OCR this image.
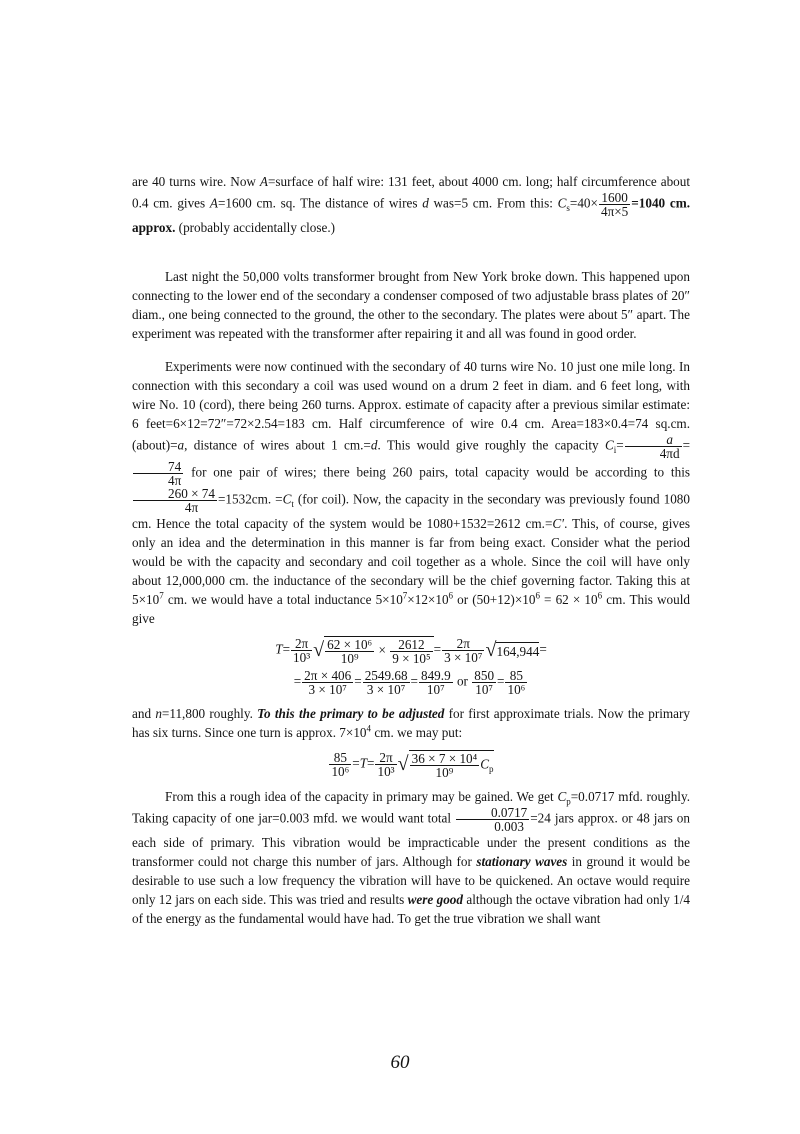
are 40 turns wire. Now A=surface of half wire: 131 feet, about 4000 cm. long; half circumference about 0.4 cm. gives A=1600 cm. sq. The distance of wires d was=5 cm. From this: $C_s=40\times \frac{1600}{4\pi\times 5} =1040$ cm. approx. (probably accidentally close.)

Last night the 50,000 volts transformer brought from New York broke down. This happened upon connecting to the lower end of the secondary a condenser composed of two adjustable brass plates of 20″ diam., one being connected to the ground, the other to the secondary. The plates were about 5″ apart. The experiment was repeated with the transformer after repairing it and all was found in good order.

Experiments were now continued with the secondary of 40 turns wire No. 10 just one mile long. In connection with this secondary a coil was used wound on a drum 2 feet in diam. and 6 feet long, with wire No. 10 (cord), there being 260 turns. Approx. estimate of capacity after a previous similar estimate: 6 feet=6×12=72″=72×2.54=183 cm. Half circumference of wire 0.4 cm. Area=183×0.4=74 sq.cm. (about)=a, distance of wires about 1 cm.=d. This would give roughly the capacity $C_i= \frac{a}{4\pi d}$ =
$\frac{74}{4\pi}$ for one pair of wires; there being 260 pairs, total capacity would be according to this
$\frac{260 \times 74}{4\pi} =1532cm$. $=C_t$ (for coil). Now, the capacity in the secondary was previously found 1080 cm. Hence the total capacity of the system would be 1080+1532=2612 cm.=C′. This, of course, gives only an idea and the determination in this manner is far from being exact. Consider what the period would be with the capacity and secondary and coil together as a whole. Since the coil will have only about 12,000,000 cm. the inductance of the secondary will be the chief governing factor. Taking this at $5\times 10^7$ cm. we would have a total inductance $5\times 10^7\times 12\times 10^6$ or $(50+12)\times 10^6 = 62 \times 10^6$ cm. This would give

$T= \frac{2\pi}{\text{10³}}$ √ $\frac{\text{62 × 10⁶}}{\text{10⁹}} \times \frac{2612}{\text{9 × 10⁵}} = \frac{2\pi}{\text{3 × 10⁷}} √164,944=$
= $\frac{2\pi \times 406}{\text{3 × 10⁷}} = \frac{2549.68}{\text{3 × 10⁷}} = \frac{849.9}{\text{10⁷}}$ or $\frac{850}{\text{10⁷}} = \frac{85}{\text{10⁶}}$

and n=11,800 roughly. To this the primary to be adjusted for first approximate trials. Now the primary has six turns. Since one turn is approx. $7\times 10^4$ cm. we may put:

$\frac{85}{\text{10⁶}} =T= \frac{2\pi}{\text{10³}}$ √ $\frac{\text{36 × 7 × 10⁴}}{\text{10⁹}} C_p$

From this a rough idea of the capacity in primary may be gained. We get $C_p=0.0717$ mfd. roughly. Taking capacity of one jar=0.003 mfd. we would want total $\frac{0.0717}{0.003} =24$ jars approx. or 48 jars on each side of primary. This vibration would be impracticable under the present conditions as the transformer could not charge this number of jars. Although for stationary waves in ground it would be desirable to use such a low frequency the vibration will have to be quickened. An octave would require only 12 jars on each side. This was tried and results were good although the octave vibration had only 1/4 of the energy as the fundamental would have had. To get the true vibration we shall want

60
